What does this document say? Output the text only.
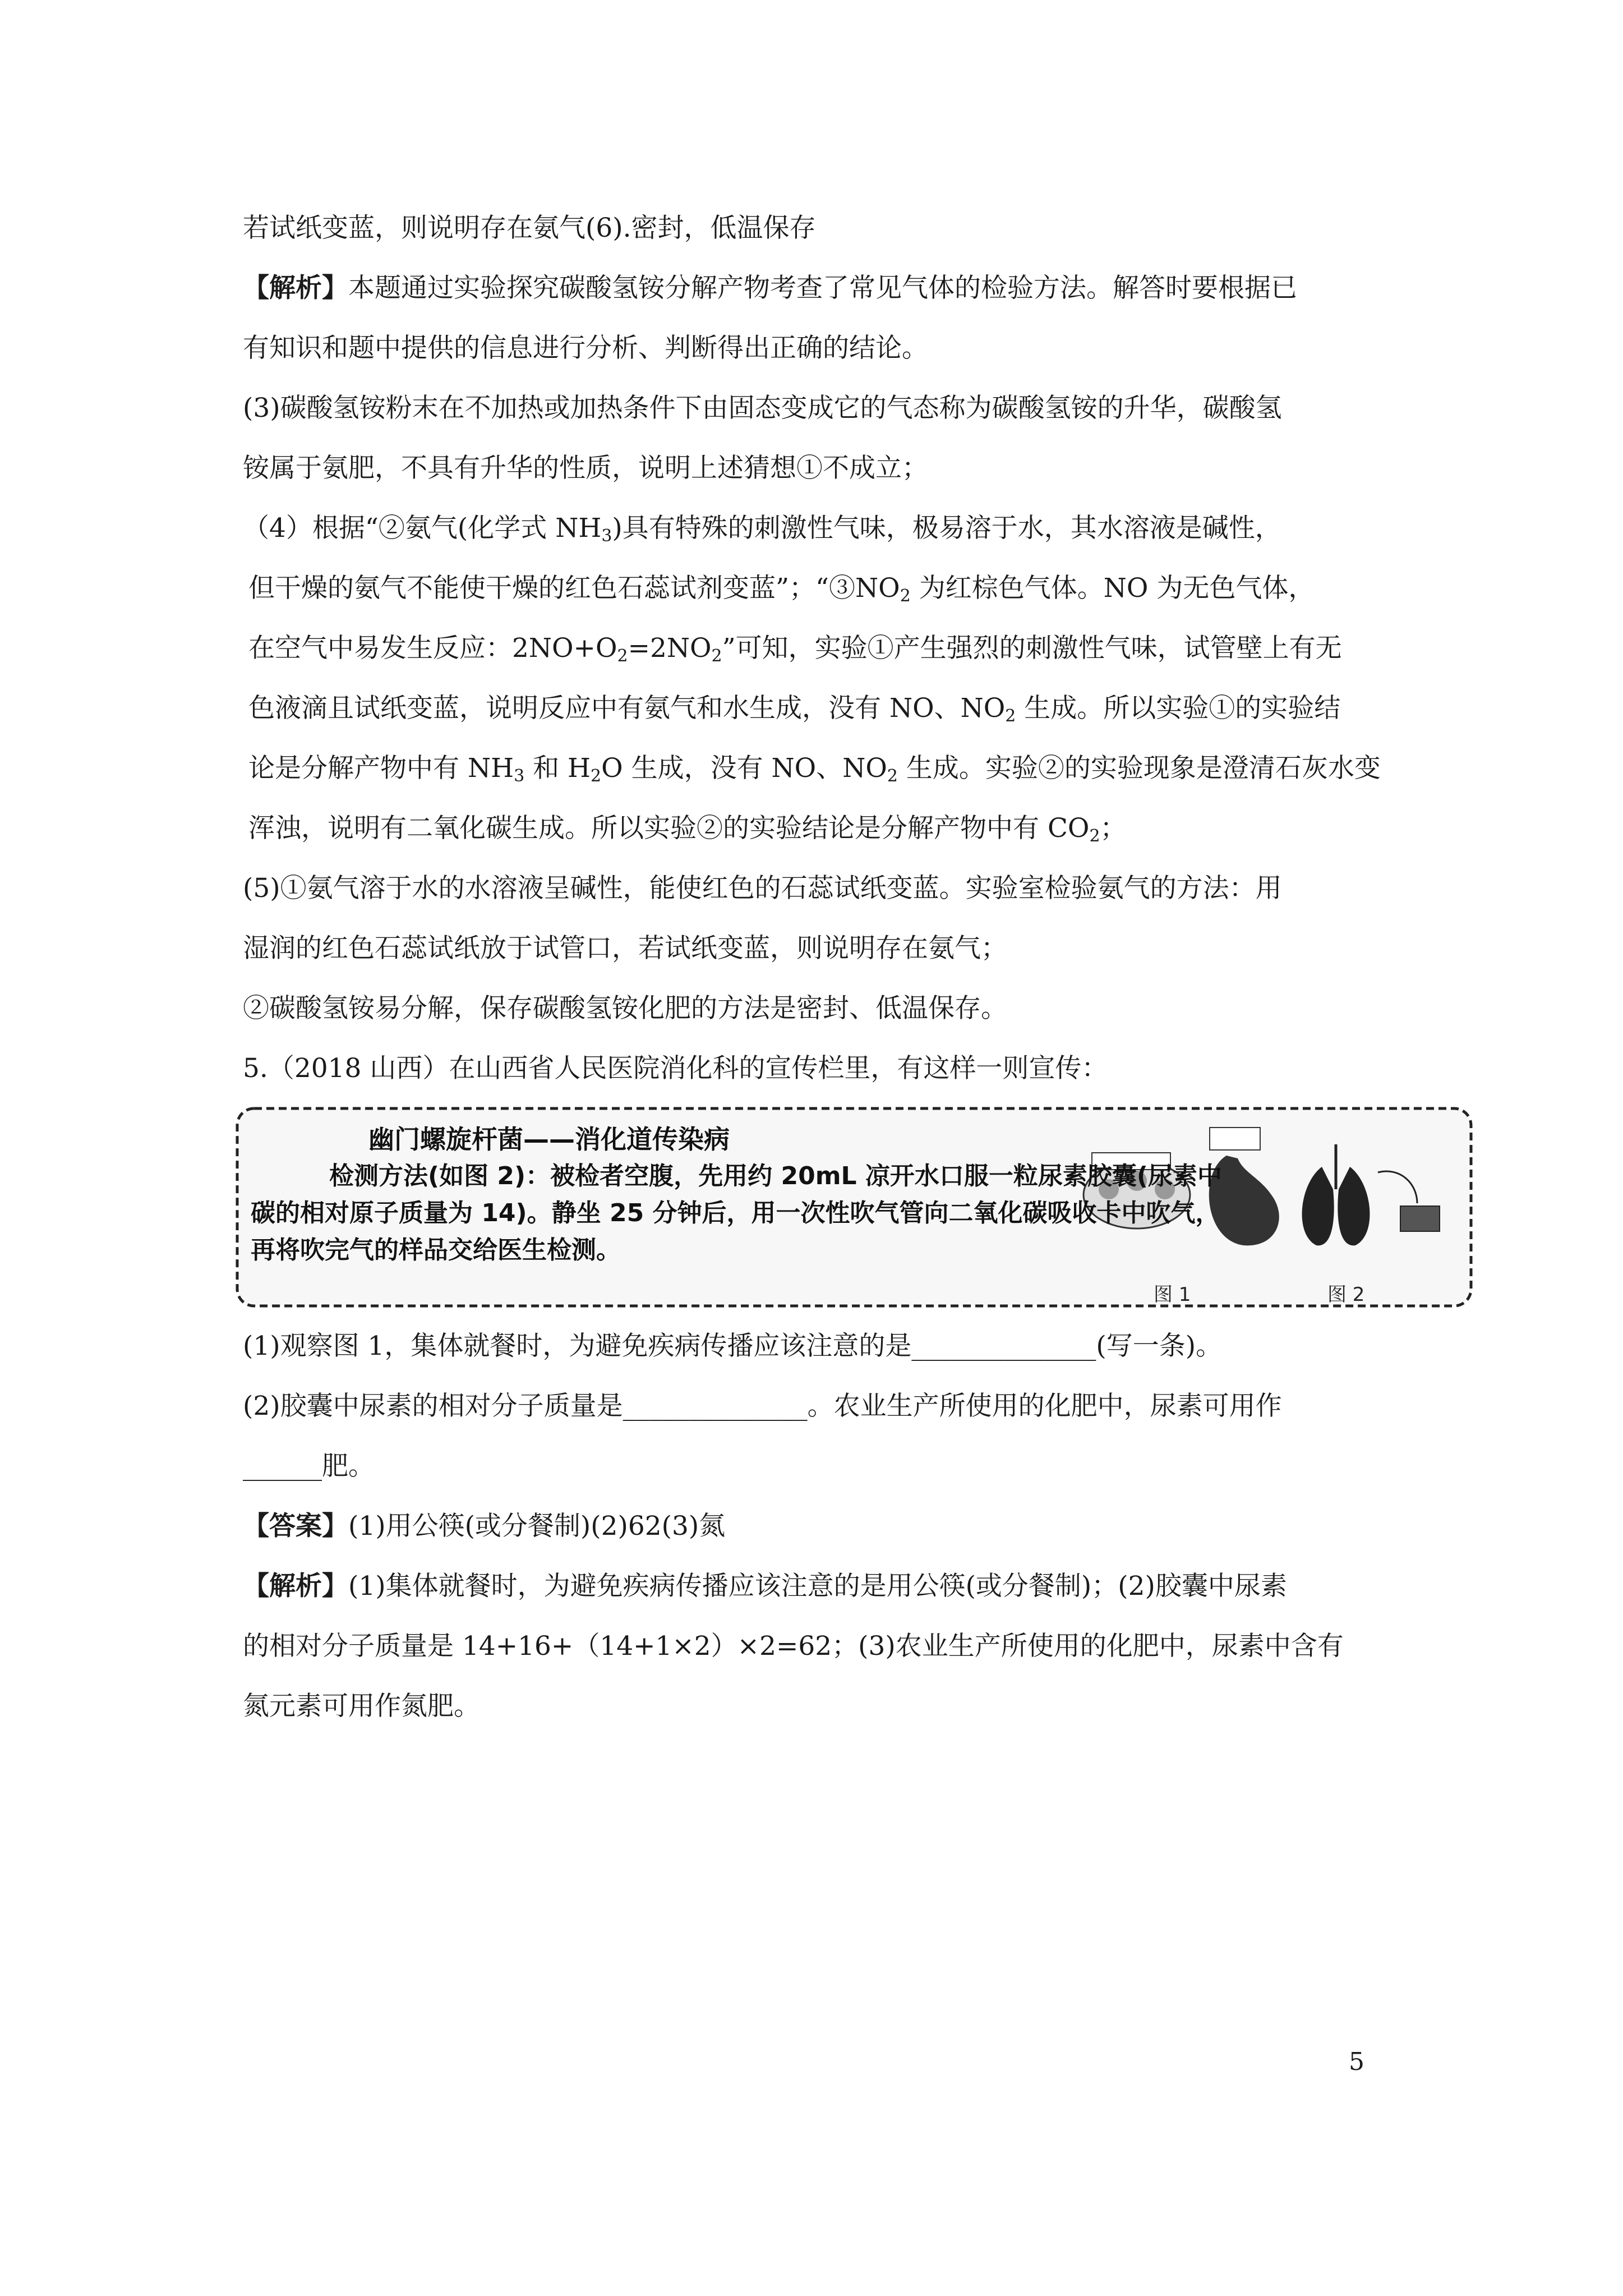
若试纸变蓝，则说明存在氨气(6).密封，低温保存
【解析】本题通过实验探究碳酸氢铵分解产物考查了常见气体的检验方法。解答时要根据已
有知识和题中提供的信息进行分析、判断得出正确的结论。
(3)碳酸氢铵粉末在不加热或加热条件下由固态变成它的气态称为碳酸氢铵的升华，碳酸氢
铵属于氨肥，不具有升华的性质，说明上述猜想①不成立；
（4）根据“②氨气(化学式 $NH_3$)具有特殊的刺激性气味，极易溶于水，其水溶液是碱性，
但干燥的氨气不能使干燥的红色石蕊试剂变蓝”；“$③NO_2$ 为红棕色气体。NO 为无色气体，
在空气中易发生反应：$2NO+O_2=2NO_2$”可知，实验①产生强烈的刺激性气味，试管壁上有无
色液滴且试纸变蓝，说明反应中有氨气和水生成，没有 NO、$NO_2$ 生成。所以实验①的实验结
论是分解产物中有 $NH_3$ 和 $H_2O$ 生成，没有 NO、$NO_2$ 生成。实验②的实验现象是澄清石灰水变
浑浊，说明有二氧化碳生成。所以实验②的实验结论是分解产物中有 $CO_2$；
(5)①氨气溶于水的水溶液呈碱性，能使红色的石蕊试纸变蓝。实验室检验氨气的方法：用
湿润的红色石蕊试纸放于试管口，若试纸变蓝，则说明存在氨气；
②碳酸氢铵易分解，保存碳酸氢铵化肥的方法是密封、低温保存。
5.（2018 山西）在山西省人民医院消化科的宣传栏里，有这样一则宣传：
幽门螺旋杆菌——消化道传染病
检测方法(如图 2)：被检者空腹，先用约 20mL 凉开水口服一粒尿素胶囊(尿素中碳的相对原子质量为 14)。静坐 25 分钟后，用一次性吹气管向二氧化碳吸收卡中吹气，再将吹完气的样品交给医生检测。
图 1	图 2
(1)观察图 1，集体就餐时，为避免疾病传播应该注意的是______________(写一条)。
(2)胶囊中尿素的相对分子质量是______________。农业生产所使用的化肥中，尿素可用作
______肥。
【答案】(1)用公筷(或分餐制)(2)62(3)氮
【解析】(1)集体就餐时，为避免疾病传播应该注意的是用公筷(或分餐制)；(2)胶囊中尿素
的相对分子质量是 14+16+（14+1×2）×2=62；(3)农业生产所使用的化肥中，尿素中含有
氮元素可用作氮肥。
5
